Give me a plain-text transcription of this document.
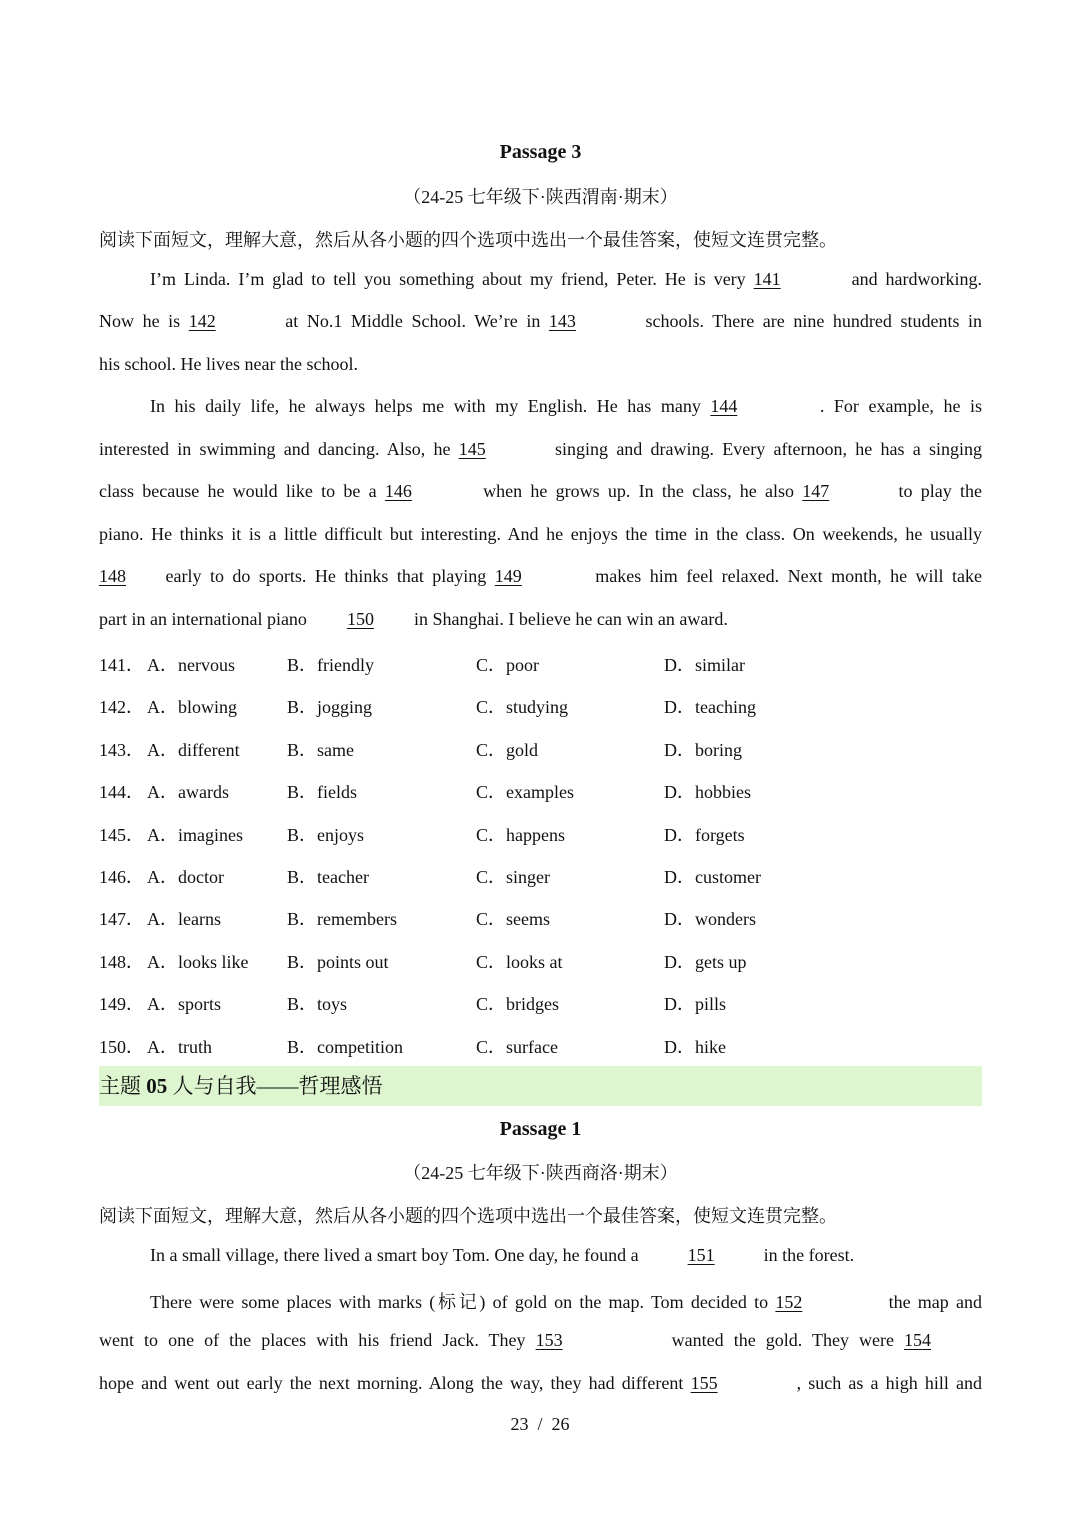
Passage 3
（24-25 七年级下·陕西渭南·期末）
阅读下面短文，理解大意，然后从各小题的四个选项中选出一个最佳答案，使短文连贯完整。
I’m Linda. I’m glad to tell you something about my friend, Peter. He is very 141	and hardworking.
Now he is 142	at No.1 Middle School. We’re in 143	schools. There are nine hundred students in
his school. He lives near the school.
In his daily life, he always helps me with my English. He has many 144	. For example, he is
interested in swimming and dancing. Also, he 145	singing and drawing. Every afternoon, he has a singing
class because he would like to be a 146	when he grows up. In the class, he also 147	to play the
piano. He thinks it is a little difficult but interesting. And he enjoys the time in the class. On weekends, he usually
148 early to do sports. He thinks that playing 149	makes him feel relaxed. Next month, he will take
part in an international piano 150 in Shanghai. I believe he can win an award.
141． A．nervous	B．friendly	C．poor	D．similar
142． A．blowing	B．jogging	C．studying	D．teaching
143． A．different	B．same	C．gold	D．boring
144． A．awards	B．fields	C．examples	D．hobbies
145． A．imagines B．enjoys	C．happens	D．forgets
146． A．doctor	B．teacher	C．singer	D．customer
147． A．learns	B．remembers	C．seems	D．wonders
148． A．looks like B．points out	C．looks at	D．gets up
149． A．sports	B．toys	C．bridges	D．pills
150． A．truth	B．competition	C．surface	D．hike
主题 05 人与自我——哲理感悟
Passage 1
（24-25 七年级下·陕西商洛·期末）
阅读下面短文，理解大意，然后从各小题的四个选项中选出一个最佳答案，使短文连贯完整。
In a small village, there lived a smart boy Tom. One day, he found a	151	in the forest.
There were some places with marks (标记) of gold on the map. Tom decided to 152	the map and
went to one of the places with his friend Jack. They 153	wanted the gold. They were 154
hope and went out early the next morning. Along the way, they had different 155	, such as a high hill and
23 / 26
